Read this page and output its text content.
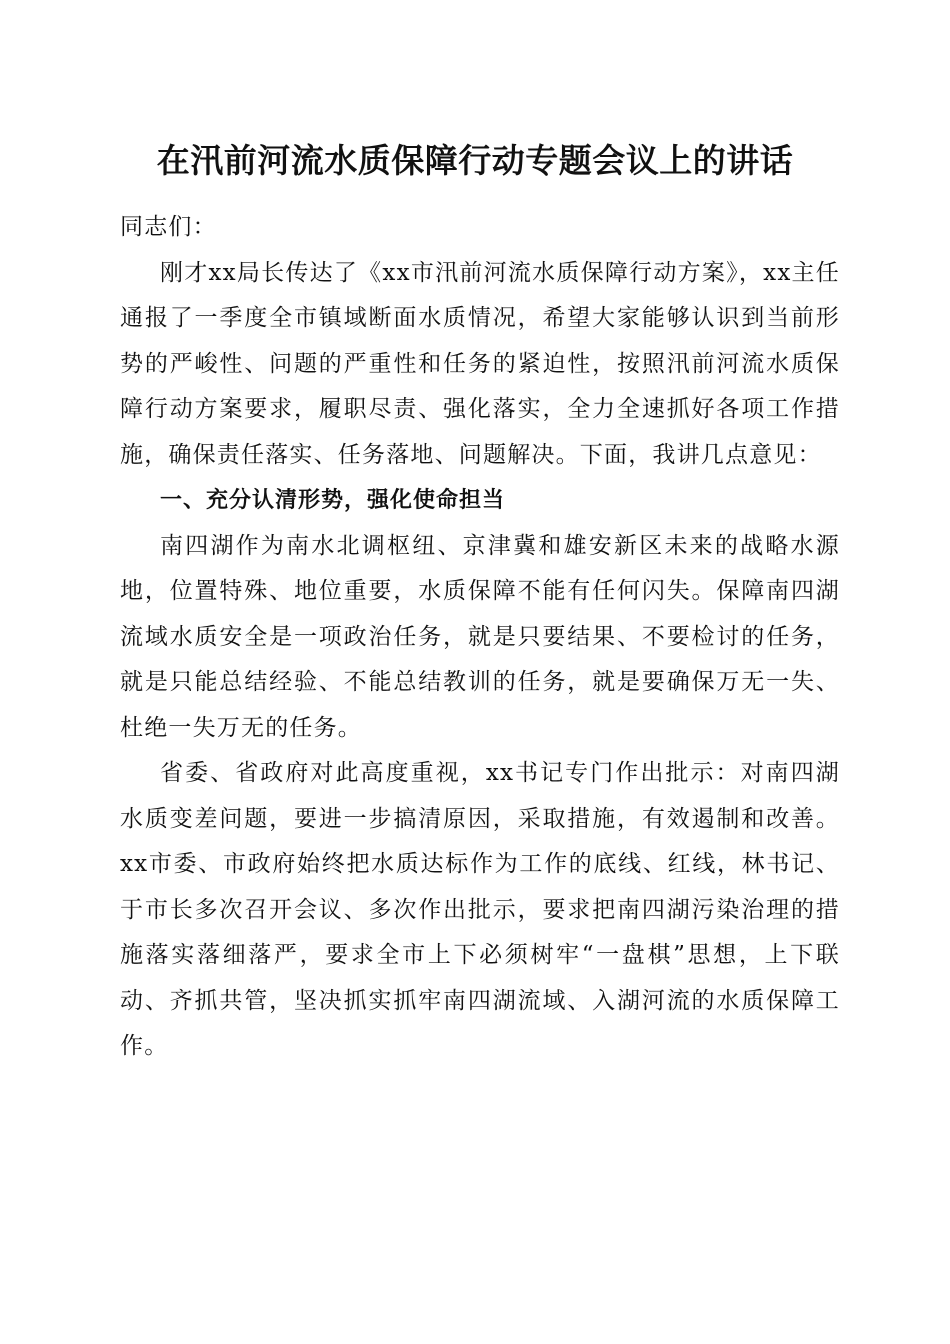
在汛前河流水质保障行动专题会议上的讲话

同志们：

刚才xx局长传达了《xx市汛前河流水质保障行动方案》，xx主任通报了一季度全市镇域断面水质情况，希望大家能够认识到当前形势的严峻性、问题的严重性和任务的紧迫性，按照汛前河流水质保障行动方案要求，履职尽责、强化落实，全力全速抓好各项工作措施，确保责任落实、任务落地、问题解决。下面，我讲几点意见：

一、充分认清形势，强化使命担当

南四湖作为南水北调枢纽、京津冀和雄安新区未来的战略水源地，位置特殊、地位重要，水质保障不能有任何闪失。保障南四湖流域水质安全是一项政治任务，就是只要结果、不要检讨的任务，就是只能总结经验、不能总结教训的任务，就是要确保万无一失、杜绝一失万无的任务。

省委、省政府对此高度重视，xx书记专门作出批示：对南四湖水质变差问题，要进一步搞清原因，采取措施，有效遏制和改善。xx市委、市政府始终把水质达标作为工作的底线、红线，林书记、于市长多次召开会议、多次作出批示，要求把南四湖污染治理的措施落实落细落严，要求全市上下必须树牢“一盘棋”思想，上下联动、齐抓共管，坚决抓实抓牢南四湖流域、入湖河流的水质保障工作。
